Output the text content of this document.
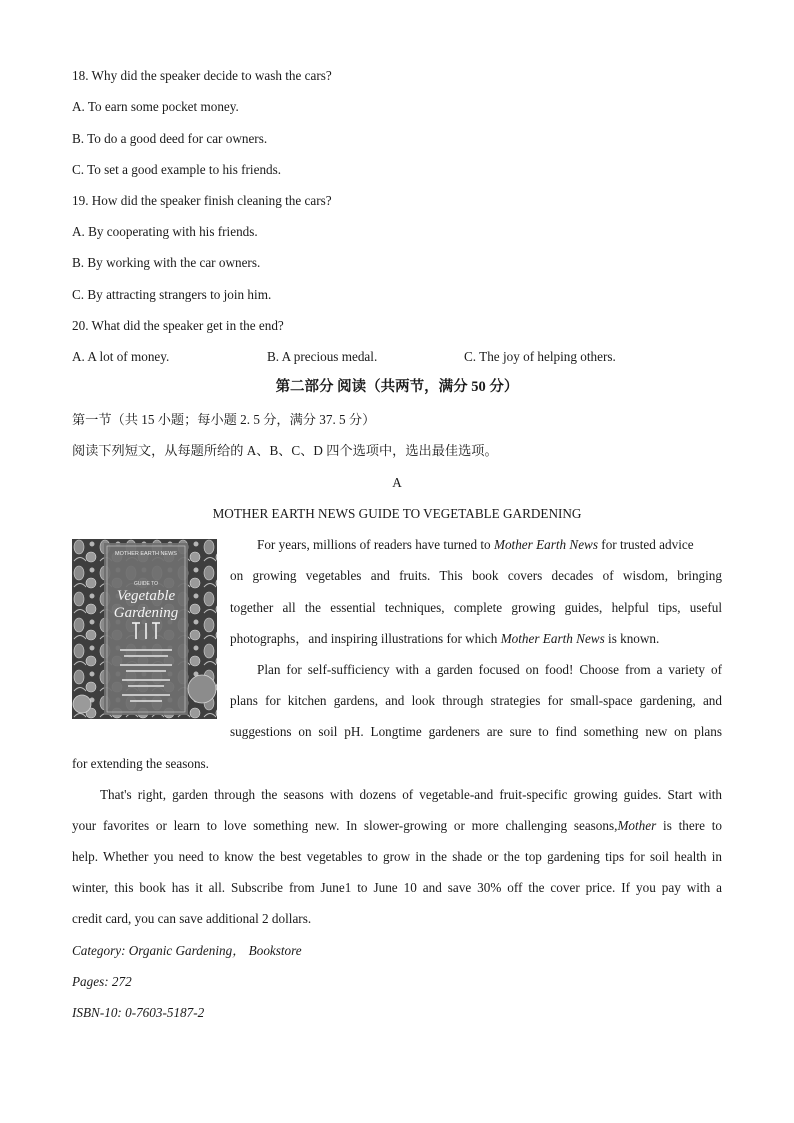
18. Why did the speaker decide to wash the cars?
A. To earn some pocket money.
B. To do a good deed for car owners.
C. To set a good example to his friends.
19. How did the speaker finish cleaning the cars?
A. By cooperating with his friends.
B. By working with the car owners.
C. By attracting strangers to join him.
20. What did the speaker get in the end?
A. A lot of money.	B. A precious medal.	C. The joy of helping others.
第二部分 阅读（共两节，满分 50 分）
第一节（共 15 小题；每小题 2. 5 分，满分 37. 5 分）
阅读下列短文，从每题所给的 A、B、C、D 四个选项中，选出最佳选项。
A
MOTHER EARTH NEWS GUIDE TO VEGETABLE GARDENING
For years, millions of readers have turned to Mother Earth News for trusted advice
on growing vegetables and fruits. This book covers decades of wisdom, bringing
together all the essential techniques, complete growing guides, helpful tips, useful
photographs，and inspiring illustrations for which Mother Earth News is known.
Plan for self-sufficiency with a garden focused on food! Choose from a variety of
plans for kitchen gardens, and look through strategies for small-space gardening, and
suggestions on soil pH. Longtime gardeners are sure to find something new on plans
for extending the seasons.
That's right, garden through the seasons with dozens of vegetable-and fruit-specific growing guides. Start with
your favorites or learn to love something new. In slower-growing or more challenging seasons,Mother is there to
help. Whether you need to know the best vegetables to grow in the shade or the top gardening tips for soil health in
winter, this book has it all. Subscribe from June1 to June 10 and save 30% off the cover price. If you pay with a
credit card, you can save additional 2 dollars.
Category: Organic Gardening， Bookstore
Pages: 272
ISBN-10: 0-7603-5187-2
MOTHER EARTH NEWS
GUIDE TO
Vegetable
Gardening
